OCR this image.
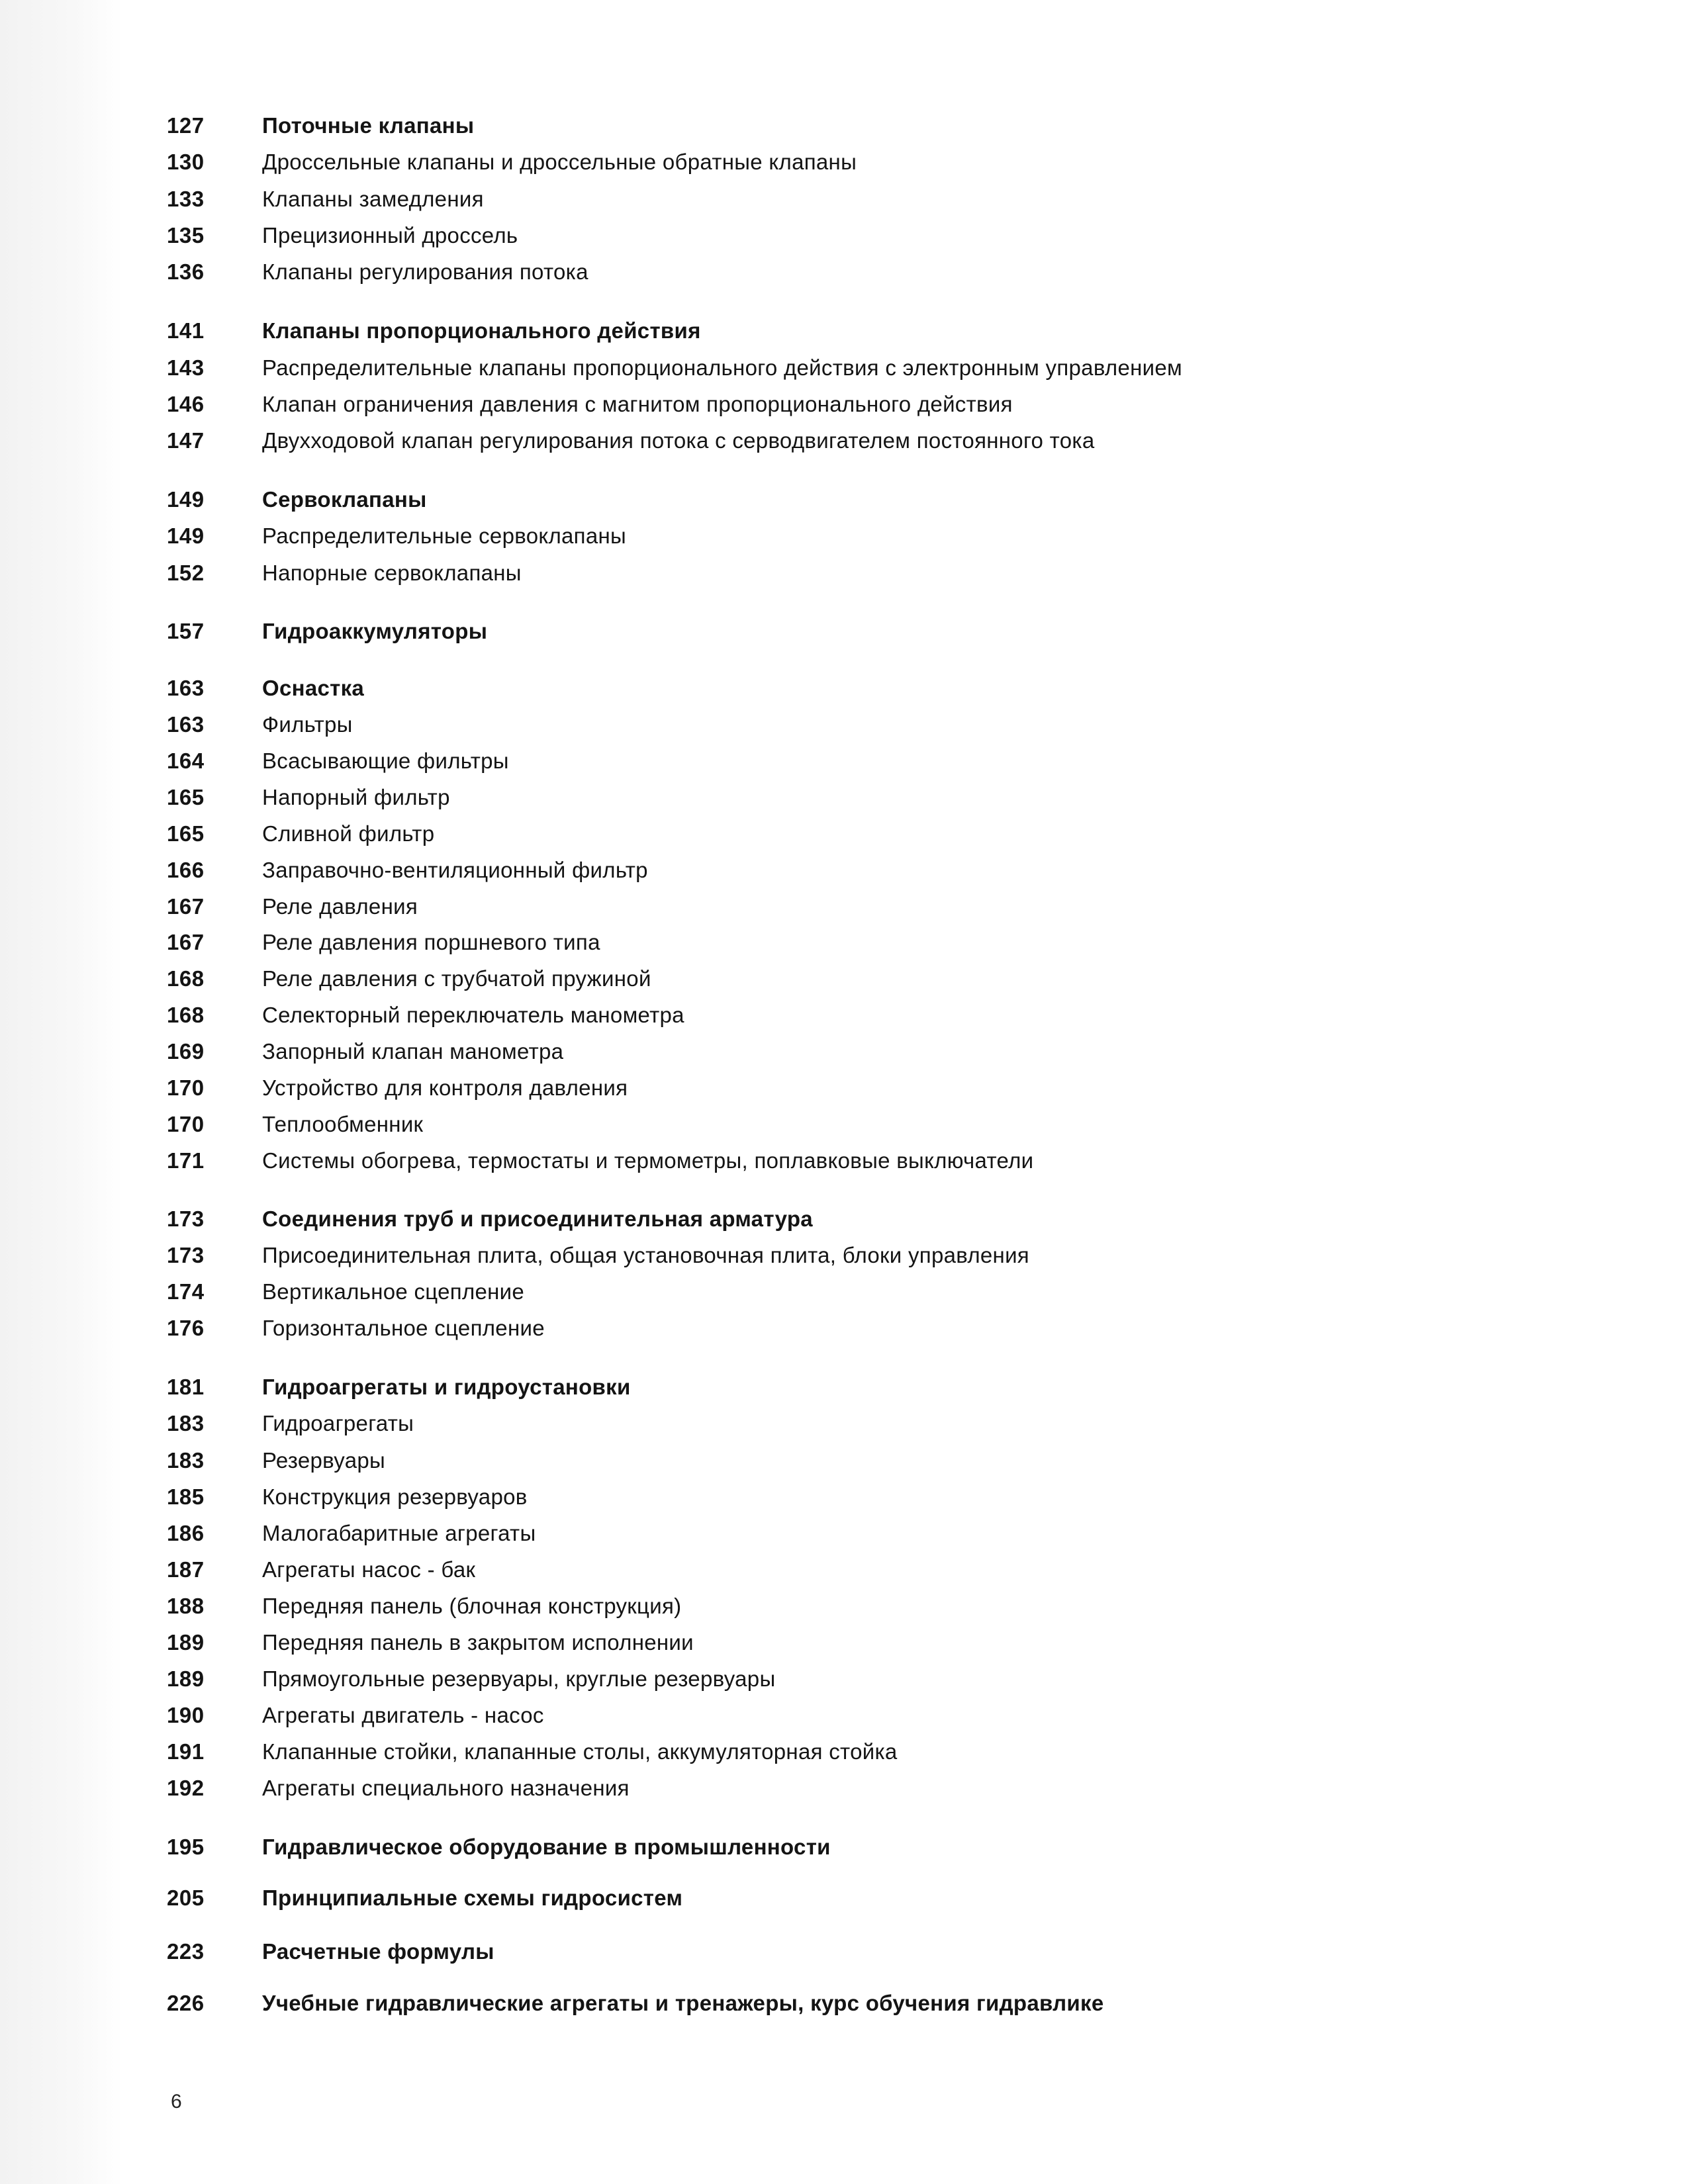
127	Поточные клапаны
130	Дроссельные клапаны и дроссельные обратные клапаны
133	Клапаны замедления
135	Прецизионный дроссель
136	Клапаны регулирования потока
141	Клапаны пропорционального действия
143	Распределительные клапаны пропорционального действия с электронным управлением
146	Клапан ограничения давления с магнитом пропорционального действия
147	Двухходовой клапан регулирования потока с серводвигателем постоянного тока
149	Сервоклапаны
149	Распределительные сервоклапаны
152	Напорные сервоклапаны
157	Гидроаккумуляторы
163	Оснастка
163	Фильтры
164	Всасывающие фильтры
165	Напорный фильтр
165	Сливной фильтр
166	Заправочно-вентиляционный фильтр
167	Реле давления
167	Реле давления поршневого типа
168	Реле давления с трубчатой пружиной
168	Селекторный переключатель манометра
169	Запорный клапан манометра
170	Устройство для контроля давления
170	Теплообменник
171	Системы обогрева, термостаты и термометры, поплавковые выключатели
173	Соединения труб и присоединительная арматура
173	Присоединительная плита, общая установочная плита, блоки управления
174	Вертикальное сцепление
176	Горизонтальное сцепление
181	Гидроагрегаты и гидроустановки
183	Гидроагрегаты
183	Резервуары
185	Конструкция резервуаров
186	Малогабаритные агрегаты
187	Агрегаты насос - бак
188	Передняя панель (блочная конструкция)
189	Передняя панель в закрытом исполнении
189	Прямоугольные резервуары, круглые резервуары
190	Агрегаты двигатель - насос
191	Клапанные стойки, клапанные столы, аккумуляторная стойка
192	Агрегаты специального назначения
195	Гидравлическое оборудование в промышленности
205	Принципиальные схемы гидросистем
223	Расчетные формулы
226	Учебные гидравлические агрегаты и тренажеры, курс обучения гидравлике
6
